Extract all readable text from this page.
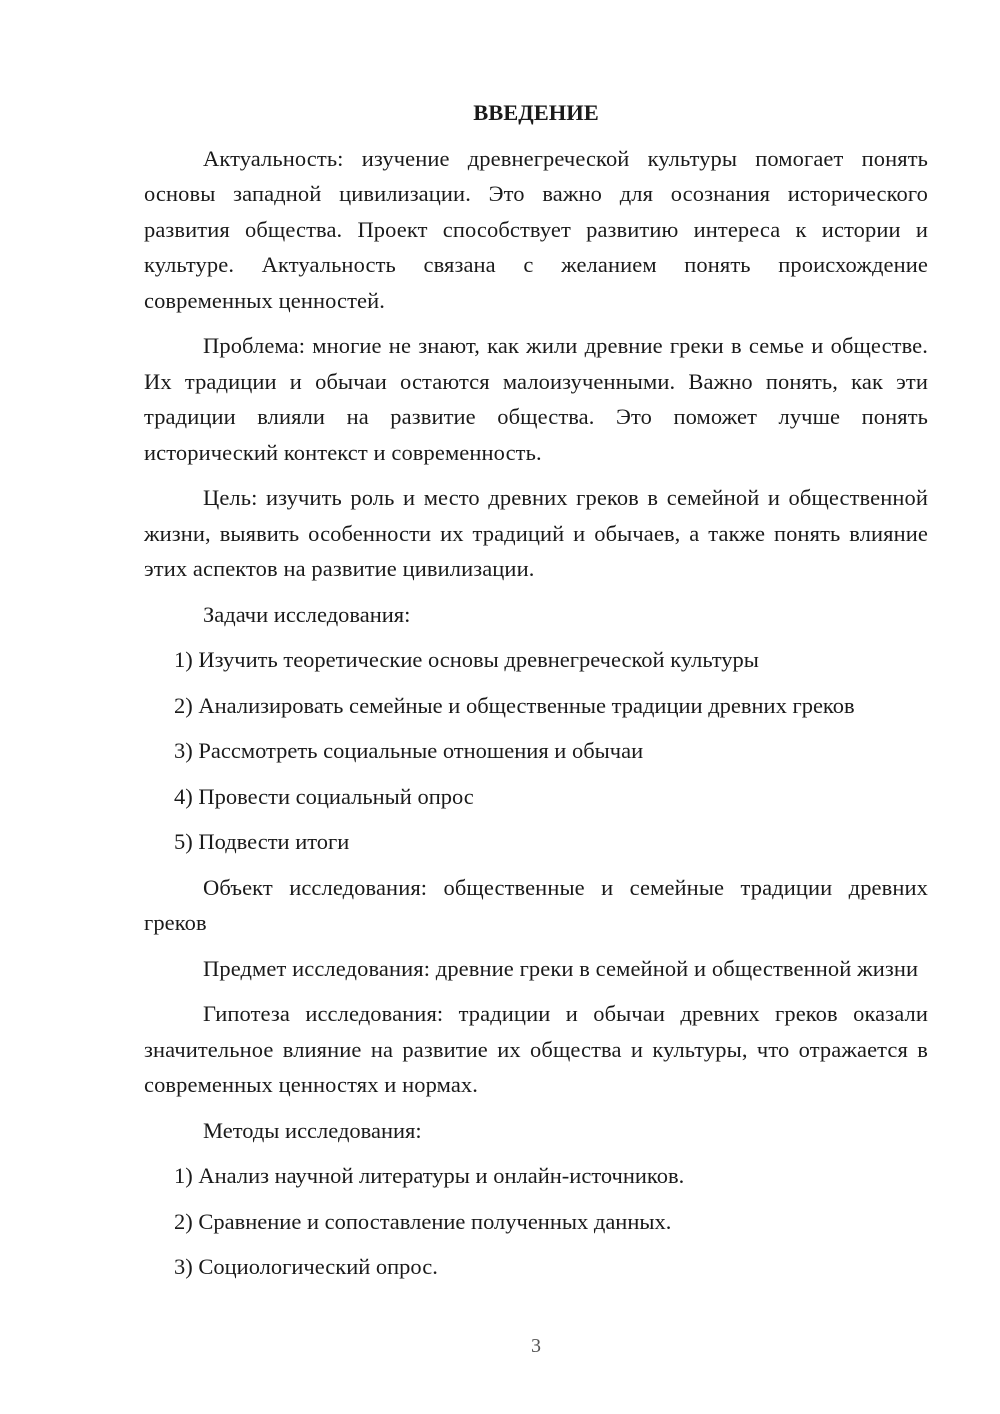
ВВЕДЕНИЕ

Актуальность: изучение древнегреческой культуры помогает понять основы западной цивилизации. Это важно для осознания исторического развития общества. Проект способствует развитию интереса к истории и культуре. Актуальность связана с желанием понять происхождение современных ценностей.

Проблема: многие не знают, как жили древние греки в семье и обществе. Их традиции и обычаи остаются малоизученными. Важно понять, как эти традиции влияли на развитие общества. Это поможет лучше понять исторический контекст и современность.

Цель: изучить роль и место древних греков в семейной и общественной жизни, выявить особенности их традиций и обычаев, а также понять влияние этих аспектов на развитие цивилизации.

Задачи исследования:

1) Изучить теоретические основы древнегреческой культуры
2) Анализировать семейные и общественные традиции древних греков
3) Рассмотреть социальные отношения и обычаи
4) Провести социальный опрос
5) Подвести итоги

Объект исследования: общественные и семейные традиции древних греков

Предмет исследования: древние греки в семейной и общественной жизни

Гипотеза исследования: традиции и обычаи древних греков оказали значительное влияние на развитие их общества и культуры, что отражается в современных ценностях и нормах.

Методы исследования:

1) Анализ научной литературы и онлайн-источников.
2) Сравнение и сопоставление полученных данных.
3) Социологический опрос.
3
